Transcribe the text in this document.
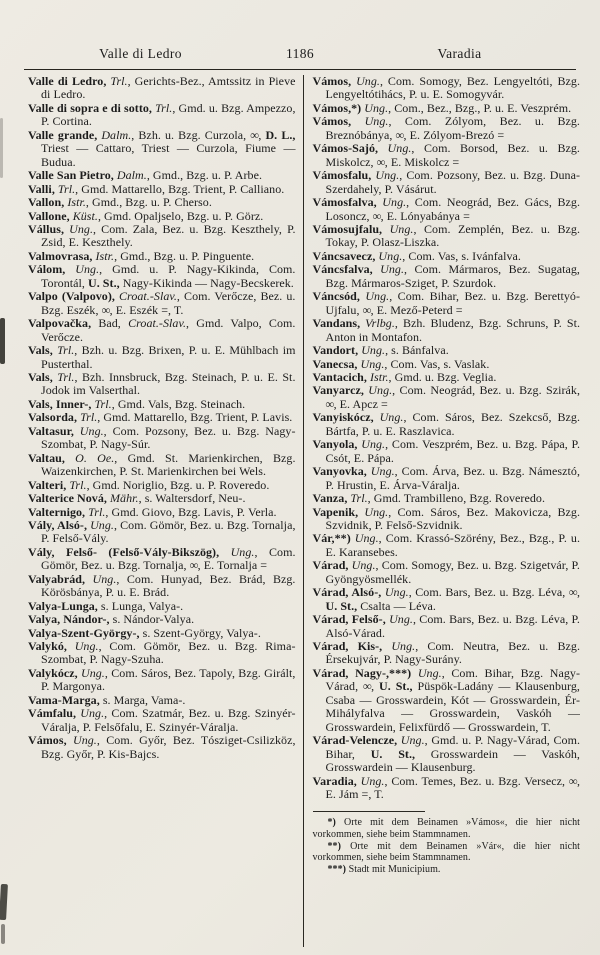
Valle di Ledro	1186	Varadia

Valle di Ledro, Trl., Gerichts-Bez., Amtssitz in Pieve di Ledro.

Valle di sopra e di sotto, Trl., Gmd. u. Bzg. Ampezzo, P. Cortina.

Valle grande, Dalm., Bzh. u. Bzg. Curzola, ∞, D. L., Triest — Cattaro, Triest — Curzola, Fiume — Budua.

Valle San Pietro, Dalm., Gmd., Bzg. u. P. Arbe.

Valli, Trl., Gmd. Mattarello, Bzg. Trient, P. Calliano.

Vallon, Istr., Gmd., Bzg. u. P. Cherso.

Vallone, Küst., Gmd. Opaljselo, Bzg. u. P. Görz.

Vállus, Ung., Com. Zala, Bez. u. Bzg. Keszthely, P. Zsid, E. Keszthely.

Valmovrasa, Istr., Gmd., Bzg. u. P. Pinguente.

Válom, Ung., Gmd. u. P. Nagy-Kikinda, Com. Torontál, U. St., Nagy-Kikinda — Nagy-Becskerek.

Valpo (Valpovo), Croat.-Slav., Com. Verőcze, Bez. u. Bzg. Eszék, ∞, E. Eszék =, T.

Valpovačka, Bad, Croat.-Slav., Gmd. Valpo, Com. Verőcze.

Vals, Trl., Bzh. u. Bzg. Brixen, P. u. E. Mühlbach im Pusterthal.

Vals, Trl., Bzh. Innsbruck, Bzg. Steinach, P. u. E. St. Jodok im Valserthal.

Vals, Inner-, Trl., Gmd. Vals, Bzg. Steinach.

Valsorda, Trl., Gmd. Mattarello, Bzg. Trient, P. Lavis.

Valtasur, Ung., Com. Pozsony, Bez. u. Bzg. Nagy-Szombat, P. Nagy-Súr.

Valtau, O. Oe., Gmd. St. Marienkirchen, Bzg. Waizenkirchen, P. St. Marienkirchen bei Wels.

Valteri, Trl., Gmd. Noriglio, Bzg. u. P. Roveredo.

Valterice Nová, Mähr., s. Waltersdorf, Neu-.

Valternigo, Trl., Gmd. Giovo, Bzg. Lavis, P. Verla.

Vály, Alsó-, Ung., Com. Gömör, Bez. u. Bzg. Tornalja, P. Felső-Vály.

Vály, Felső- (Felső-Vály-Bikszög), Ung., Com. Gömör, Bez. u. Bzg. Tornalja, ∞, E. Tornalja =

Valyabrád, Ung., Com. Hunyad, Bez. Brád, Bzg. Körösbánya, P. u. E. Brád.

Valya-Lunga, s. Lunga, Valya-.

Valya, Nándor-, s. Nándor-Valya.

Valya-Szent-György-, s. Szent-György, Valya-.

Valykó, Ung., Com. Gömör, Bez. u. Bzg. Rima-Szombat, P. Nagy-Szuha.

Valykócz, Ung., Com. Sáros, Bez. Tapoly, Bzg. Girált, P. Margonya.

Vama-Marga, s. Marga, Vama-.

Vámfalu, Ung., Com. Szatmár, Bez. u. Bzg. Szinyér-Váralja, P. Felsőfalu, E. Szinyér-Váralja.

Vámos, Ung., Com. Győr, Bez. Tósziget-Csilizköz, Bzg. Győr, P. Kis-Bajcs.

Vámos, Ung., Com. Somogy, Bez. Lengyeltóti, Bzg. Lengyeltótihács, P. u. E. Somogyvár.

Vámos,*) Ung., Com., Bez., Bzg., P. u. E. Veszprém.

Vámos, Ung., Com. Zólyom, Bez. u. Bzg. Breznóbánya, ∞, E. Zólyom-Brezó =

Vámos-Sajó, Ung., Com. Borsod, Bez. u. Bzg. Miskolcz, ∞, E. Miskolcz =

Vámosfalu, Ung., Com. Pozsony, Bez. u. Bzg. Duna-Szerdahely, P. Vásárut.

Vámosfalva, Ung., Com. Neográd, Bez. Gács, Bzg. Losoncz, ∞, E. Lónyabánya =

Vámosujfalu, Ung., Com. Zemplén, Bez. u. Bzg. Tokay, P. Olasz-Liszka.

Váncsavecz, Ung., Com. Vas, s. Ivánfalva.

Váncsfalva, Ung., Com. Mármaros, Bez. Sugatag, Bzg. Mármaros-Sziget, P. Szurdok.

Váncsód, Ung., Com. Bihar, Bez. u. Bzg. Berettyó-Ujfalu, ∞, E. Mező-Peterd =

Vandans, Vrlbg., Bzh. Bludenz, Bzg. Schruns, P. St. Anton in Montafon.

Vandort, Ung., s. Bánfalva.

Vanecsa, Ung., Com. Vas, s. Vaslak.

Vantacich, Istr., Gmd. u. Bzg. Veglia.

Vanyarcz, Ung., Com. Neográd, Bez. u. Bzg. Szirák, ∞, E. Apcz =

Vanyiskócz, Ung., Com. Sáros, Bez. Szekcső, Bzg. Bártfa, P. u. E. Raszlavica.

Vanyola, Ung., Com. Veszprém, Bez. u. Bzg. Pápa, P. Csót, E. Pápa.

Vanyovka, Ung., Com. Árva, Bez. u. Bzg. Námesztó, P. Hrustin, E. Árva-Váralja.

Vanza, Trl., Gmd. Trambilleno, Bzg. Roveredo.

Vapenik, Ung., Com. Sáros, Bez. Makovicza, Bzg. Szvidnik, P. Felső-Szvidnik.

Vár,**) Ung., Com. Krassó-Szörény, Bez., Bzg., P. u. E. Karansebes.

Várad, Ung., Com. Somogy, Bez. u. Bzg. Szigetvár, P. Gyöngyösmellék.

Várad, Alsó-, Ung., Com. Bars, Bez. u. Bzg. Léva, ∞, U. St., Csalta — Léva.

Várad, Felső-, Ung., Com. Bars, Bez. u. Bzg. Léva, P. Alsó-Várad.

Várad, Kis-, Ung., Com. Neutra, Bez. u. Bzg. Érsekujvár, P. Nagy-Surány.

Várad, Nagy-,***) Ung., Com. Bihar, Bzg. Nagy-Várad, ∞, U. St., Püspök-Ladány — Klausenburg, Csaba — Grosswardein, Kót — Grosswardein, Ér-Mihályfalva — Grosswardein, Vaskóh — Grosswardein, Felixfürdő — Grosswardein, T.

Várad-Velencze, Ung., Gmd. u. P. Nagy-Várad, Com. Bihar, U. St., Grosswardein — Vaskóh, Grosswardein — Klausenburg.

Varadia, Ung., Com. Temes, Bez. u. Bzg. Versecz, ∞, E. Jám =, T.

*) Orte mit dem Beinamen »Vámos«, die hier nicht vorkommen, siehe beim Stammnamen.

**) Orte mit dem Beinamen »Vár«, die hier nicht vorkommen, siehe beim Stammnamen.

***) Stadt mit Municipium.
